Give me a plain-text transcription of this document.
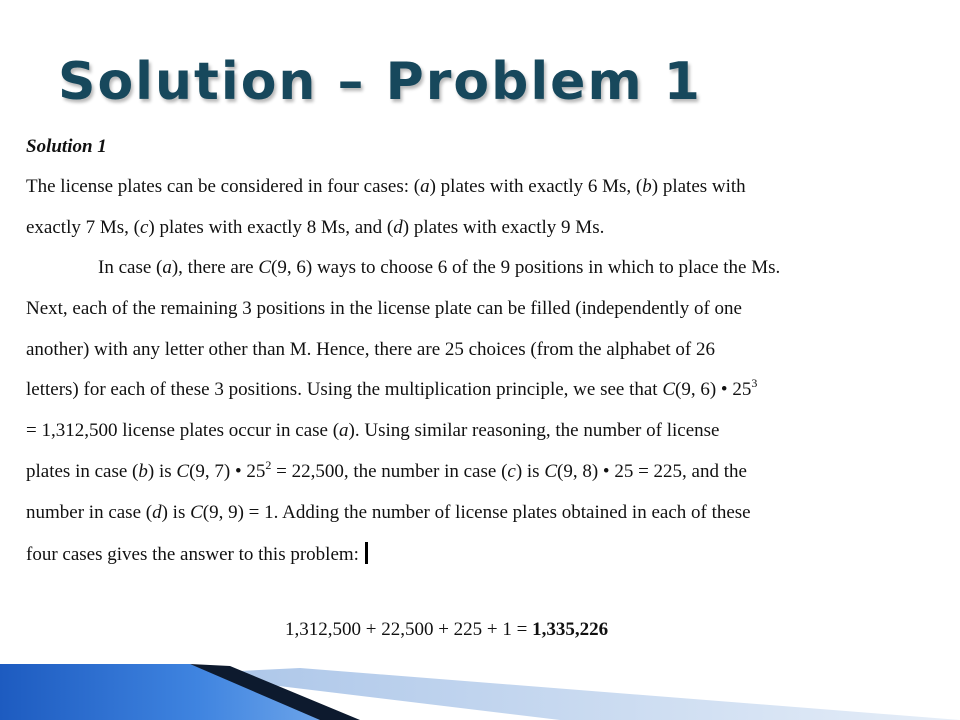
Solution – Problem 1
Solution 1
The license plates can be considered in four cases: (a) plates with exactly 6 Ms, (b) plates with
exactly 7 Ms, (c) plates with exactly 8 Ms, and (d) plates with exactly 9 Ms.
In case (a), there are C(9, 6) ways to choose 6 of the 9 positions in which to place the Ms.
Next, each of the remaining 3 positions in the license plate can be filled (independently of one
another) with any letter other than M. Hence, there are 25 choices (from the alphabet of 26
letters) for each of these 3 positions. Using the multiplication principle, we see that C(9, 6) • $25^3$
= 1,312,500 license plates occur in case (a). Using similar reasoning, the number of license
plates in case (b) is C(9, 7) • $25^2 = 22,500$, the number in case (c) is C(9, 8) • 25 = 225, and the
number in case (d) is C(9, 9) = 1. Adding the number of license plates obtained in each of these
four cases gives the answer to this problem:
1,312,500 + 22,500 + 225 + 1 = 1,335,226
